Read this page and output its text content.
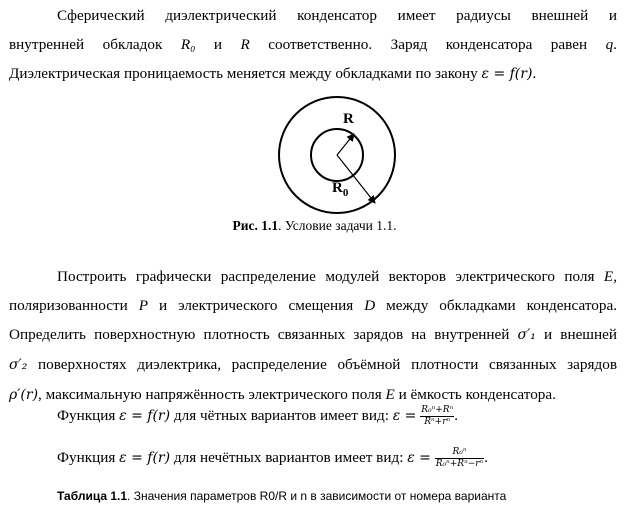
Сферический диэлектрический конденсатор имеет радиусы внешней и
внутренней обкладок R₀ и R соответственно. Заряд конденсатора равен q.
Диэлектрическая проницаемость меняется между обкладками по закону ε = f(r).
R
$R_0$
Рис. 1.1. Условие задачи 1.1.
Построить графически распределение модулей векторов электрического поля E,
поляризованности P и электрического смещения D между обкладками конденсатора.
Определить поверхностную плотность связанных зарядов на внутренней σ′₁ и внешней
σ′₂ поверхностях диэлектрика, распределение объёмной плотности связанных зарядов
ρ′(r), максимальную напряжённость электрического поля E и ёмкость конденсатора.
Функция ε = f(r) для чётных вариантов имеет вид: $\varepsilon = \frac{\text{R₀ⁿ+Rⁿ}}{\text{Rⁿ+rⁿ}}$ .
Функция ε = f(r) для нечётных вариантов имеет вид: $\varepsilon = \frac{\text{R₀ⁿ}}{\text{R₀ⁿ+Rⁿ−rⁿ}}$ .
Таблица 1.1. Значения параметров R0/R и n в зависимости от номера варианта
